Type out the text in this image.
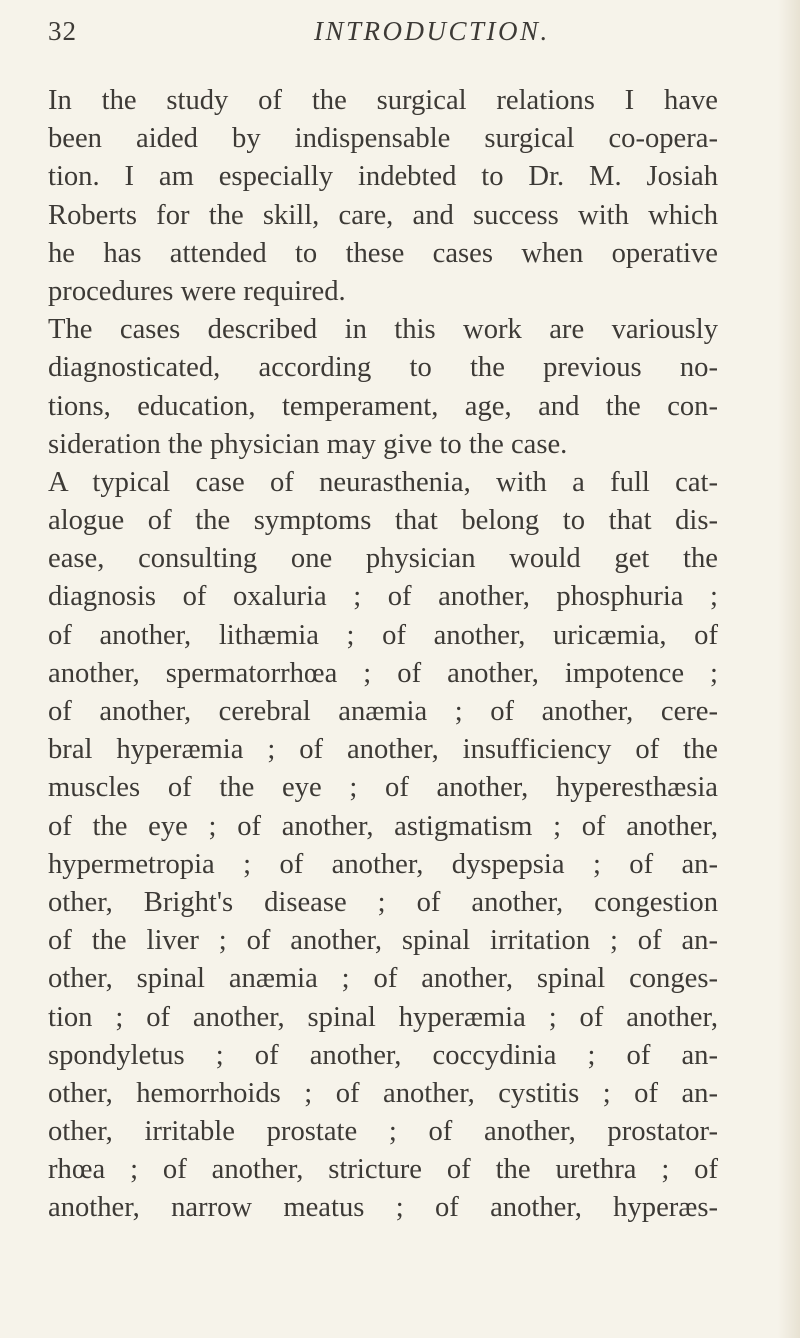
32	INTRODUCTION.
In the study of the surgical relations I have
been aided by indispensable surgical co-opera-
tion. I am especially indebted to Dr. M. Josiah
Roberts for the skill, care, and success with which
he has attended to these cases when operative
procedures were required.
The cases described in this work are variously
diagnosticated, according to the previous no-
tions, education, temperament, age, and the con-
sideration the physician may give to the case.
A typical case of neurasthenia, with a full cat-
alogue of the symptoms that belong to that dis-
ease, consulting one physician would get the
diagnosis of oxaluria ; of another, phosphuria ;
of another, lithæmia ; of another, uricæmia, of
another, spermatorrhœa ; of another, impotence ;
of another, cerebral anæmia ; of another, cere-
bral hyperæmia ; of another, insufficiency of the
muscles of the eye ; of another, hyperesthæsia
of the eye ; of another, astigmatism ; of another,
hypermetropia ; of another, dyspepsia ; of an-
other, Bright's disease ; of another, congestion
of the liver ; of another, spinal irritation ; of an-
other, spinal anæmia ; of another, spinal conges-
tion ; of another, spinal hyperæmia ; of another,
spondyletus ; of another, coccydinia ; of an-
other, hemorrhoids ; of another, cystitis ; of an-
other, irritable prostate ; of another, prostator-
rhœa ; of another, stricture of the urethra ; of
another, narrow meatus ; of another, hyperæs-
